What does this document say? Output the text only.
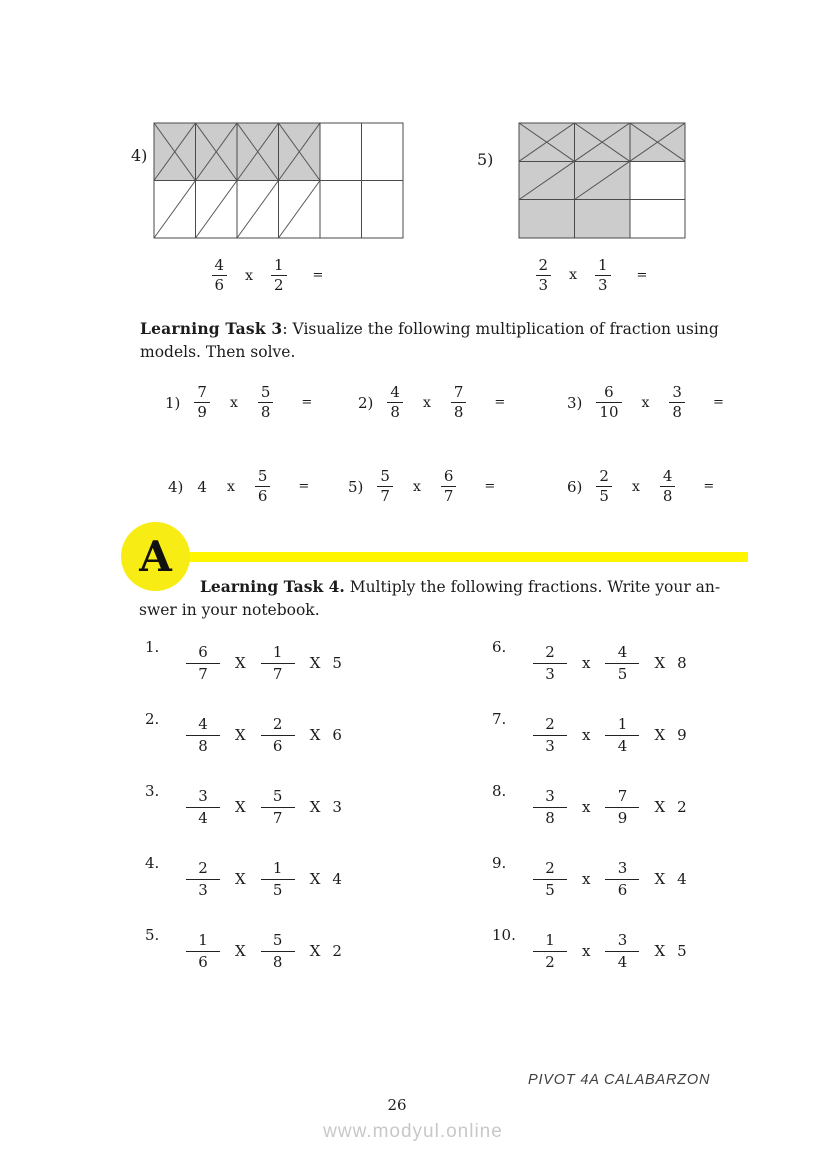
4)
$\frac{4}{6}$ x $\frac{1}{2}$ =
5)
$\frac{2}{3}$ x $\frac{1}{3}$ =

Learning Task 3: Visualize the following multiplication of fraction using
models. Then solve.

$1) \frac{7}{9}$ x $\frac{5}{8}$ =	$2) \frac{4}{8}$ x $\frac{7}{8}$ =	$3) \frac{6}{10}$ x $\frac{3}{8}$ =
4) 4 x $\frac{5}{6}$ =	$5) \frac{5}{7}$ x $\frac{6}{7}$ =	$6) \frac{2}{5}$ x $\frac{4}{8}$ =
A

Learning Task 4. Multiply the following fractions. Write your an-
swer in your notebook.

1.	$\frac{6}{7}$ X $\frac{1}{7}$ X 5
2.	$\frac{4}{8}$ X $\frac{2}{6}$ X 6
3.	$\frac{3}{4}$ X $\frac{5}{7}$ X 3
4.	$\frac{2}{3}$ X $\frac{1}{5}$ X 4
5.	$\frac{1}{6}$ X $\frac{5}{8}$ X 2
6.	$\frac{2}{3}$ x $\frac{4}{5}$ X 8
7.	$\frac{2}{3}$ x $\frac{1}{4}$ X 9
8.	$\frac{3}{8}$ x $\frac{7}{9}$ X 2
9.	$\frac{2}{5}$ x $\frac{3}{6}$ X 4
10. $\frac{1}{2}$ x $\frac{3}{4}$ X 5
PIVOT 4A CALABARZON
26
www.modyul.online
